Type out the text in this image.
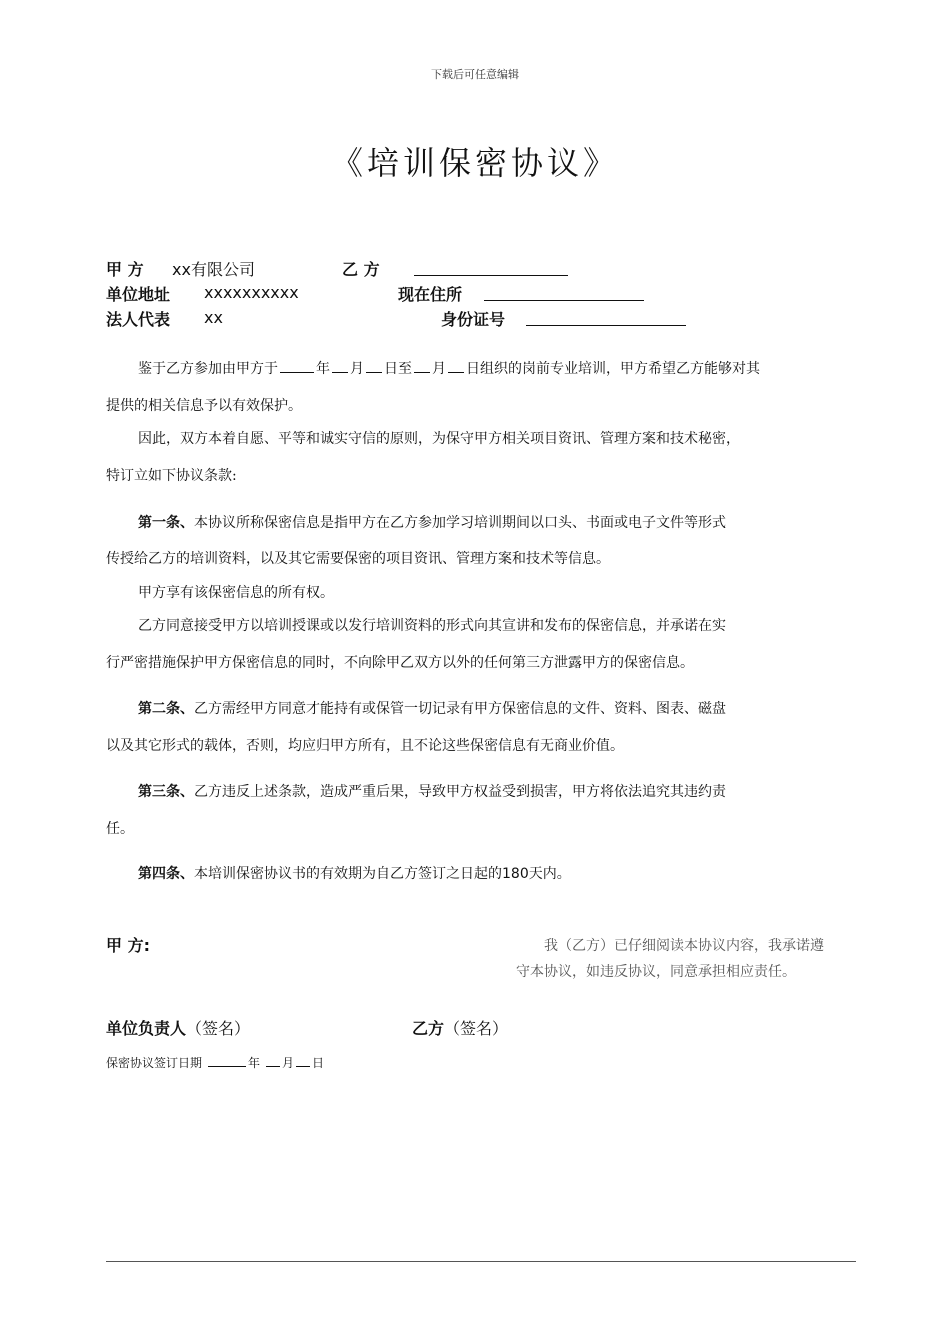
下载后可任意编辑
《培训保密协议》
甲 方 xx有限公司	乙 方
单位地址 xxxxxxxxxx	现在住所
法人代表 xx	身份证号
鉴于乙方参加由甲方于	年 月 日至 月 日组织的岗前专业培训，甲方希望乙方能够对其
提供的相关信息予以有效保护。
因此，双方本着自愿、平等和诚实守信的原则，为保守甲方相关项目资讯、管理方案和技术秘密，
特订立如下协议条款:
第一条、本协议所称保密信息是指甲方在乙方参加学习培训期间以口头、书面或电子文件等形式
传授给乙方的培训资料，以及其它需要保密的项目资讯、管理方案和技术等信息。
甲方享有该保密信息的所有权。
乙方同意接受甲方以培训授课或以发行培训资料的形式向其宣讲和发布的保密信息，并承诺在实
行严密措施保护甲方保密信息的同时，不向除甲乙双方以外的任何第三方泄露甲方的保密信息。
第二条、乙方需经甲方同意才能持有或保管一切记录有甲方保密信息的文件、资料、图表、磁盘
以及其它形式的载体，否则，均应归甲方所有，且不论这些保密信息有无商业价值。
第三条、乙方违反上述条款，造成严重后果，导致甲方权益受到损害，甲方将依法追究其违约责
任。
第四条、本培训保密协议书的有效期为自乙方签订之日起的180天内。
甲 方:	我（乙方）已仔细阅读本协议内容，我承诺遵守本协议，如违反协议，同意承担相应责任。
单位负责人（签名）	乙方（签名）
保密协议签订日期	年 月 日
